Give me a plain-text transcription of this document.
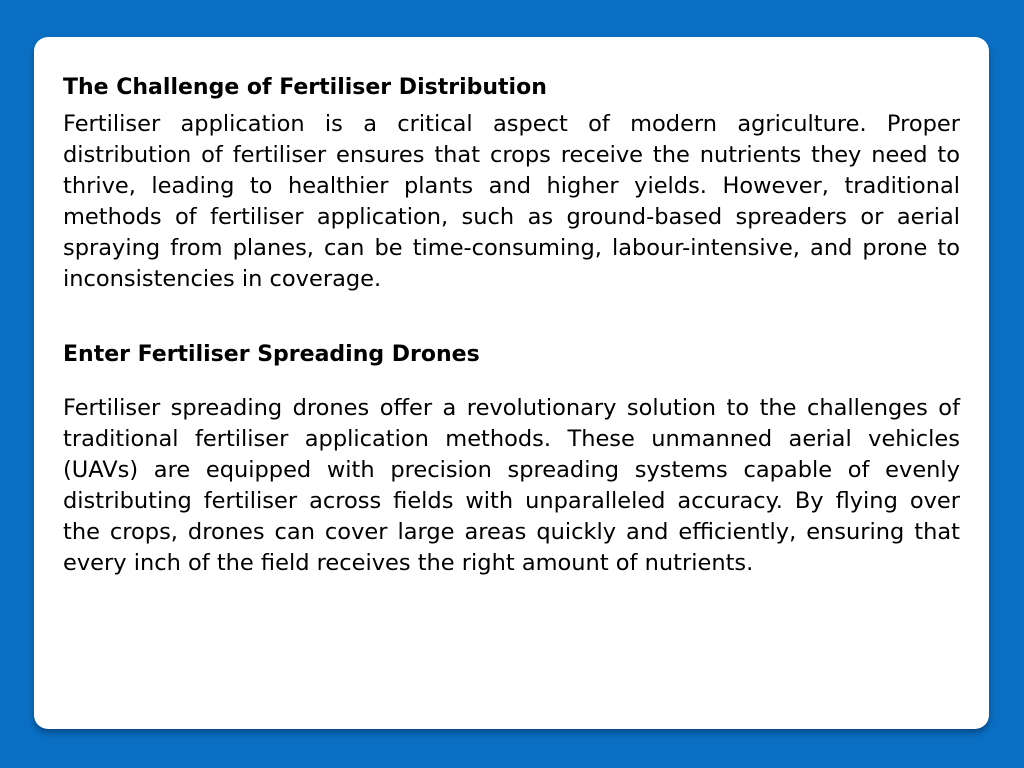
The Challenge of Fertiliser Distribution

Fertiliser application is a critical aspect of modern agriculture. Proper distribution of fertiliser ensures that crops receive the nutrients they need to thrive, leading to healthier plants and higher yields. However, traditional methods of fertiliser application, such as ground-based spreaders or aerial spraying from planes, can be time-consuming, labour-intensive, and prone to inconsistencies in coverage.

Enter Fertiliser Spreading Drones

Fertiliser spreading drones offer a revolutionary solution to the challenges of traditional fertiliser application methods. These unmanned aerial vehicles (UAVs) are equipped with precision spreading systems capable of evenly distributing fertiliser across fields with unparalleled accuracy. By flying over the crops, drones can cover large areas quickly and efficiently, ensuring that every inch of the field receives the right amount of nutrients.
